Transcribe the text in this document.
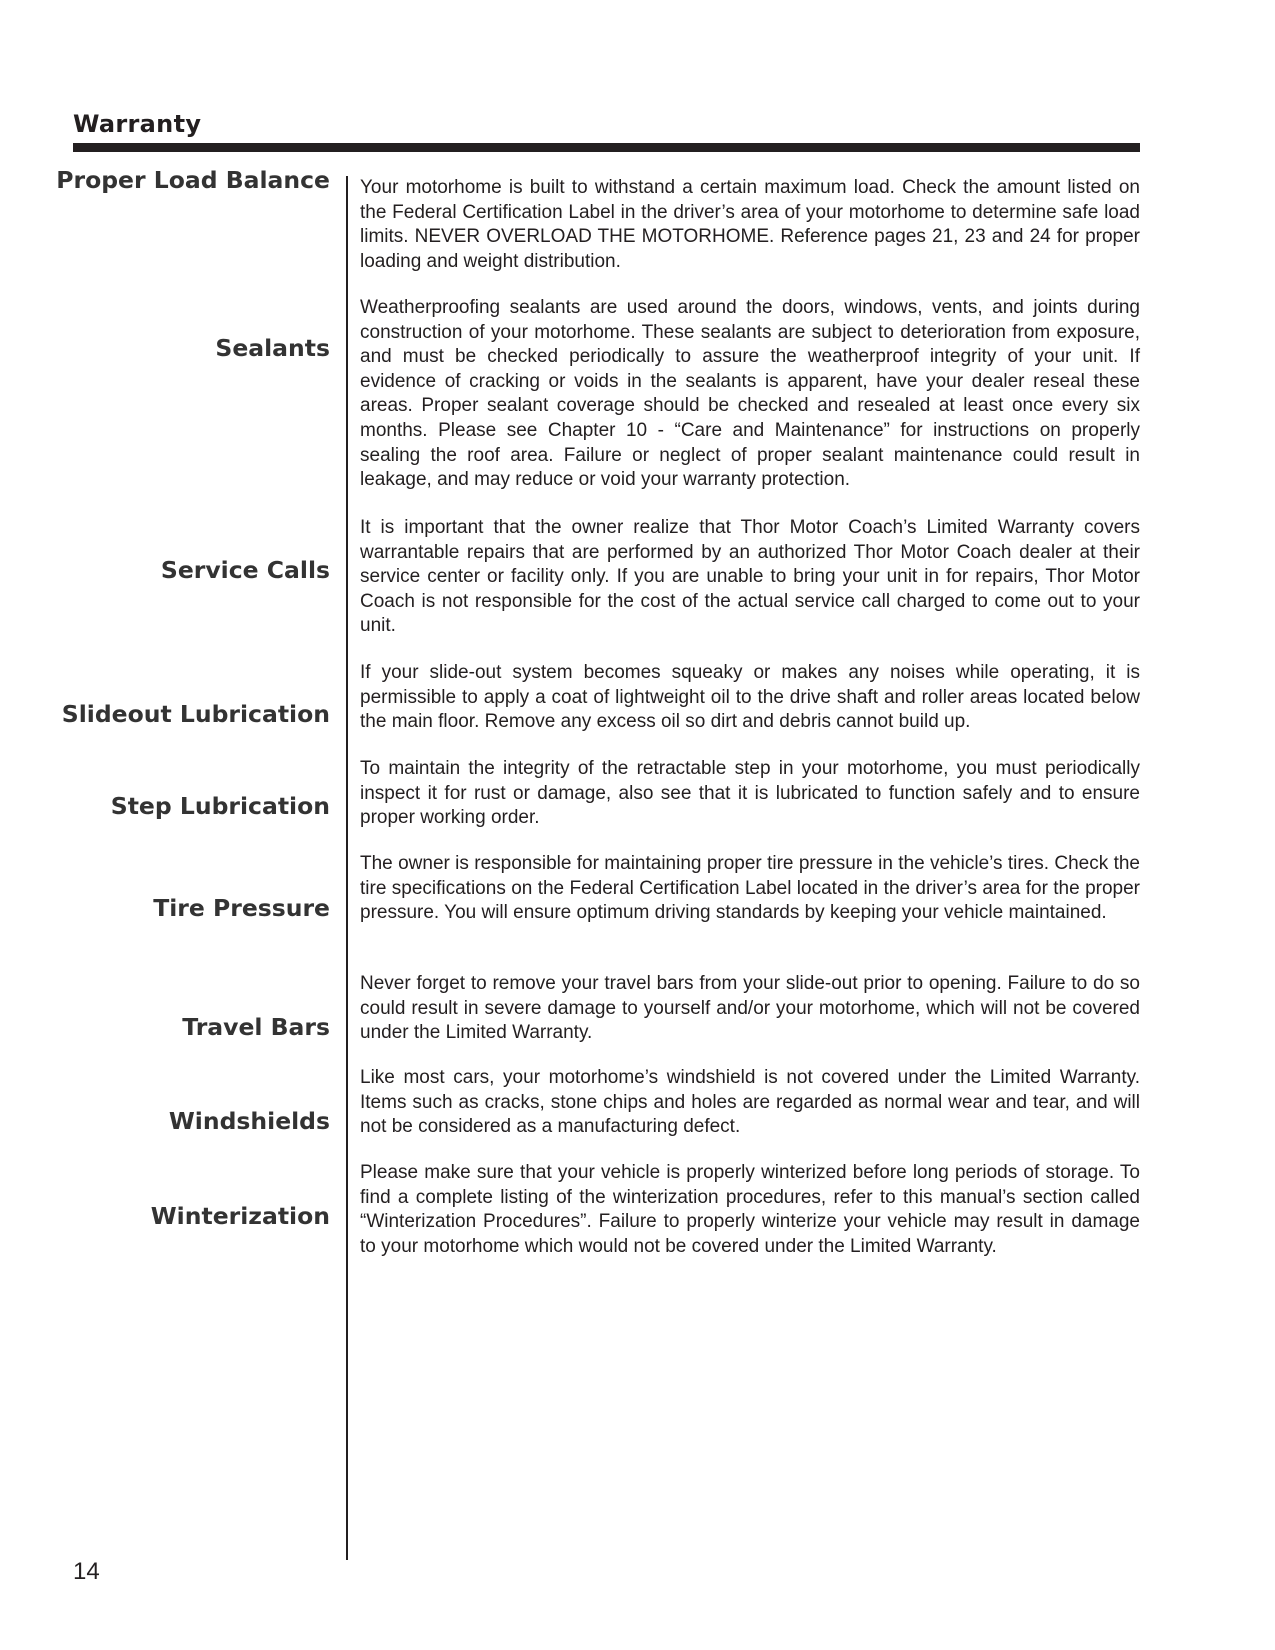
Warranty
Proper Load Balance
Sealants
Service Calls
Slideout Lubrication
Step Lubrication
Tire Pressure
Travel Bars
Windshields
Winterization

Your motorhome is built to withstand a certain maximum load. Check the amount listed on the Federal Certification Label in the driver’s area of your motorhome to determine safe load limits. NEVER OVERLOAD THE MOTORHOME. Reference pages 21, 23 and 24 for proper loading and weight distribution.

Weatherproofing sealants are used around the doors, windows, vents, and joints during construction of your motorhome. These sealants are subject to deterioration from exposure, and must be checked periodically to assure the weatherproof integrity of your unit. If evidence of cracking or voids in the sealants is apparent, have your dealer reseal these areas. Proper sealant coverage should be checked and resealed at least once every six months. Please see Chapter 10 - “Care and Maintenance” for instructions on properly sealing the roof area. Failure or neglect of proper sealant maintenance could result in leakage, and may reduce or void your warranty protection.

It is important that the owner realize that Thor Motor Coach’s Limited Warranty covers warrantable repairs that are performed by an authorized Thor Motor Coach dealer at their service center or facility only. If you are unable to bring your unit in for repairs, Thor Motor Coach is not responsible for the cost of the actual service call charged to come out to your unit.

If your slide-out system becomes squeaky or makes any noises while operating, it is permissible to apply a coat of lightweight oil to the drive shaft and roller areas located below the main floor. Remove any excess oil so dirt and debris cannot build up.

To maintain the integrity of the retractable step in your motorhome, you must periodically inspect it for rust or damage, also see that it is lubricated to function safely and to ensure proper working order.

The owner is responsible for maintaining proper tire pressure in the vehicle’s tires. Check the tire specifications on the Federal Certification Label located in the driver’s area for the proper pressure. You will ensure optimum driving standards by keeping your vehicle maintained.

Never forget to remove your travel bars from your slide-out prior to opening. Failure to do so could result in severe damage to yourself and/or your motorhome, which will not be covered under the Limited Warranty.

Like most cars, your motorhome’s windshield is not covered under the Limited Warranty. Items such as cracks, stone chips and holes are regarded as normal wear and tear, and will not be considered as a manufacturing defect.

Please make sure that your vehicle is properly winterized before long periods of storage. To find a complete listing of the winterization procedures, refer to this manual’s section called “Winterization Procedures”. Failure to properly winterize your vehicle may result in damage to your motorhome which would not be covered under the Limited Warranty.

14
